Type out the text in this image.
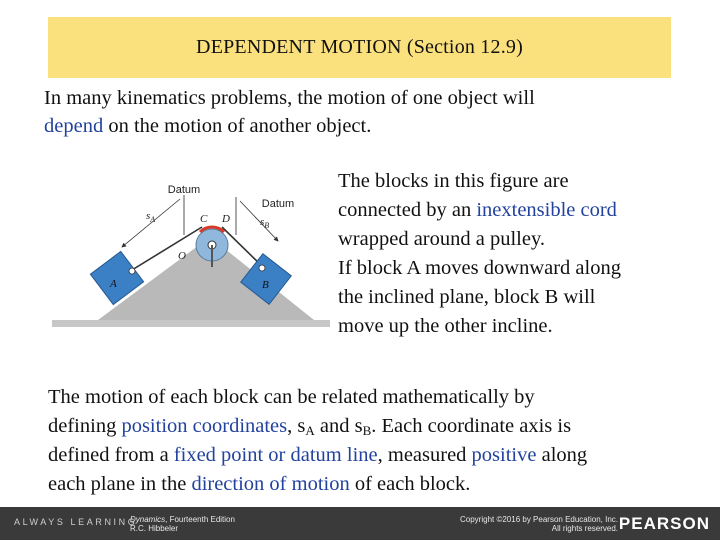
DEPENDENT MOTION (Section 12.9)
In many kinematics problems, the motion of one object will
depend on the motion of another object.
Datum
Datum
$s_A$	$s_B$
C D
O
A	B
The blocks in this figure are
connected by an inextensible cord
wrapped around a pulley.
If block A moves downward along
the inclined plane, block B will
move up the other incline.
The motion of each block can be related mathematically by
defining position coordinates, $s_A$ and $s_B$. Each coordinate axis is
defined from a fixed point or datum line, measured positive along
each plane in the direction of motion of each block.
ALWAYS LEARNING
Dynamics, Fourteenth Edition
R.C. Hibbeler
Copyright ©2016 by Pearson Education, Inc.
All rights reserved. PEARSON
